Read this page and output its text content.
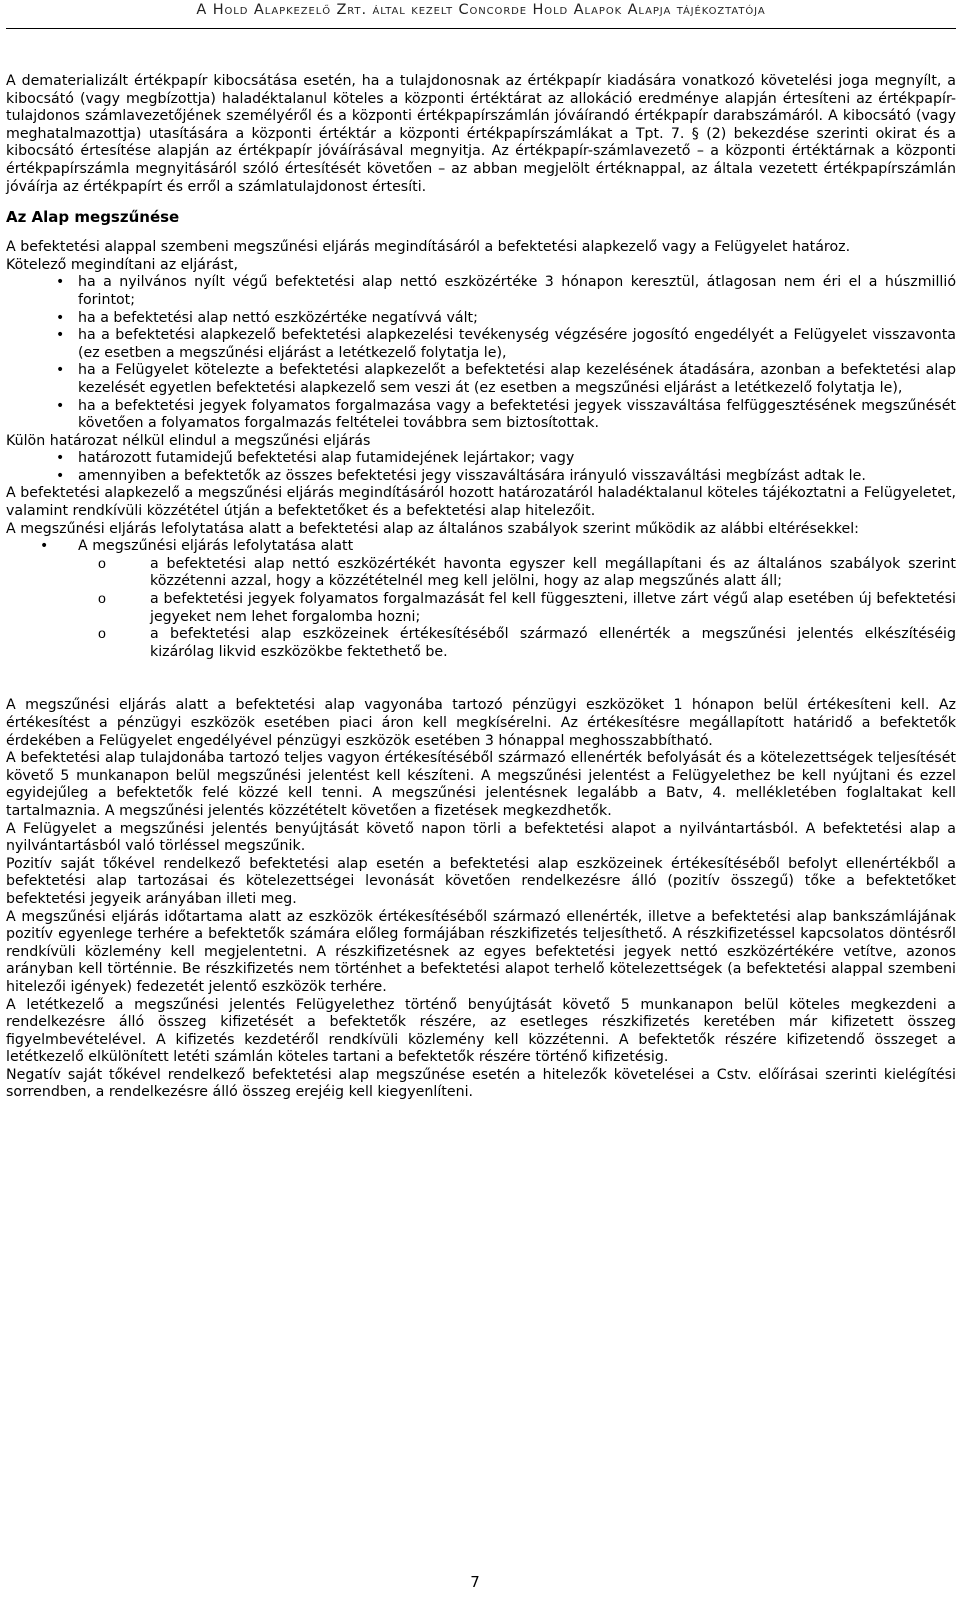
A Hold Alapkezelő Zrt. által kezelt Concorde Hold Alapok Alapja tájékoztatója

A dematerializált értékpapír kibocsátása esetén, ha a tulajdonosnak az értékpapír kiadására vonatkozó követelési joga megnyílt, a kibocsátó (vagy megbízottja) haladéktalanul köteles a központi értéktárat az allokáció eredménye alapján értesíteni az értékpapír-tulajdonos számlavezetőjének személyéről és a központi értékpapírszámlán jóváírandó értékpapír darabszámáról. A kibocsátó (vagy meghatalmazottja) utasítására a központi értéktár a központi értékpapírszámlákat a Tpt. 7. § (2) bekezdése szerinti okirat és a kibocsátó értesítése alapján az értékpapír jóváírásával megnyitja. Az értékpapír-számlavezető – a központi értéktárnak a központi értékpapírszámla megnyitásáról szóló értesítését követően – az abban megjelölt értéknappal, az általa vezetett értékpapírszámlán jóváírja az értékpapírt és erről a számlatulajdonost értesíti.

Az Alap megszűnése

A befektetési alappal szembeni megszűnési eljárás megindításáról a befektetési alapkezelő vagy a Felügyelet határoz.

Kötelező megindítani az eljárást,

• ha a nyilvános nyílt végű befektetési alap nettó eszközértéke 3 hónapon keresztül, átlagosan nem éri el a húszmillió forintot;
• ha a befektetési alap nettó eszközértéke negatívvá vált;
• ha a befektetési alapkezelő befektetési alapkezelési tevékenység végzésére jogosító engedélyét a Felügyelet visszavonta (ez esetben a megszűnési eljárást a letétkezelő folytatja le),
• ha a Felügyelet kötelezte a befektetési alapkezelőt a befektetési alap kezelésének átadására, azonban a befektetési alap kezelését egyetlen befektetési alapkezelő sem veszi át (ez esetben a megszűnési eljárást a letétkezelő folytatja le),
• ha a befektetési jegyek folyamatos forgalmazása vagy a befektetési jegyek visszaváltása felfüggesztésének megszűnését követően a folyamatos forgalmazás feltételei továbbra sem biztosítottak.

Külön határozat nélkül elindul a megszűnési eljárás

• határozott futamidejű befektetési alap futamidejének lejártakor; vagy
• amennyiben a befektetők az összes befektetési jegy visszaváltására irányuló visszaváltási megbízást adtak le.

A befektetési alapkezelő a megszűnési eljárás megindításáról hozott határozatáról haladéktalanul köteles tájékoztatni a Felügyeletet, valamint rendkívüli közzététel útján a befektetőket és a befektetési alap hitelezőit.

A megszűnési eljárás lefolytatása alatt a befektetési alap az általános szabályok szerint működik az alábbi eltérésekkel:

• A megszűnési eljárás lefolytatása alatt
o a befektetési alap nettó eszközértékét havonta egyszer kell megállapítani és az általános szabályok szerint közzétenni azzal, hogy a közzétételnél meg kell jelölni, hogy az alap megszűnés alatt áll;
o a befektetési jegyek folyamatos forgalmazását fel kell függeszteni, illetve zárt végű alap esetében új befektetési jegyeket nem lehet forgalomba hozni;
o a befektetési alap eszközeinek értékesítéséből származó ellenérték a megszűnési jelentés elkészítéséig kizárólag likvid eszközökbe fektethető be.

A megszűnési eljárás alatt a befektetési alap vagyonába tartozó pénzügyi eszközöket 1 hónapon belül értékesíteni kell. Az értékesítést a pénzügyi eszközök esetében piaci áron kell megkísérelni. Az értékesítésre megállapított határidő a befektetők érdekében a Felügyelet engedélyével pénzügyi eszközök esetében 3 hónappal meghosszabbítható.

A befektetési alap tulajdonába tartozó teljes vagyon értékesítéséből származó ellenérték befolyását és a kötelezettségek teljesítését követő 5 munkanapon belül megszűnési jelentést kell készíteni. A megszűnési jelentést a Felügyelethez be kell nyújtani és ezzel egyidejűleg a befektetők felé közzé kell tenni. A megszűnési jelentésnek legalább a Batv, 4. mellékletében foglaltakat kell tartalmaznia. A megszűnési jelentés közzétételt követően a fizetések megkezdhetők.

A Felügyelet a megszűnési jelentés benyújtását követő napon törli a befektetési alapot a nyilvántartásból. A befektetési alap a nyilvántartásból való törléssel megszűnik.

Pozitív saját tőkével rendelkező befektetési alap esetén a befektetési alap eszközeinek értékesítéséből befolyt ellenértékből a befektetési alap tartozásai és kötelezettségei levonását követően rendelkezésre álló (pozitív összegű) tőke a befektetőket befektetési jegyeik arányában illeti meg.

A megszűnési eljárás időtartama alatt az eszközök értékesítéséből származó ellenérték, illetve a befektetési alap bankszámlájának pozitív egyenlege terhére a befektetők számára előleg formájában részkifizetés teljesíthető. A részkifizetéssel kapcsolatos döntésről rendkívüli közlemény kell megjelentetni. A részkifizetésnek az egyes befektetési jegyek nettó eszközértékére vetítve, azonos arányban kell történnie. Be részkifizetés nem történhet a befektetési alapot terhelő kötelezettségek (a befektetési alappal szembeni hitelezői igények) fedezetét jelentő eszközök terhére.

A letétkezelő a megszűnési jelentés Felügyelethez történő benyújtását követő 5 munkanapon belül köteles megkezdeni a rendelkezésre álló összeg kifizetését a befektetők részére, az esetleges részkifizetés keretében már kifizetett összeg figyelmbevételével. A kifizetés kezdetéről rendkívüli közlemény kell közzétenni. A befektetők részére kifizetendő összeget a letétkezelő elkülönített letéti számlán köteles tartani a befektetők részére történő kifizetésig.

Negatív saját tőkével rendelkező befektetési alap megszűnése esetén a hitelezők követelései a Cstv. előírásai szerinti kielégítési sorrendben, a rendelkezésre álló összeg erejéig kell kiegyenlíteni.

7
